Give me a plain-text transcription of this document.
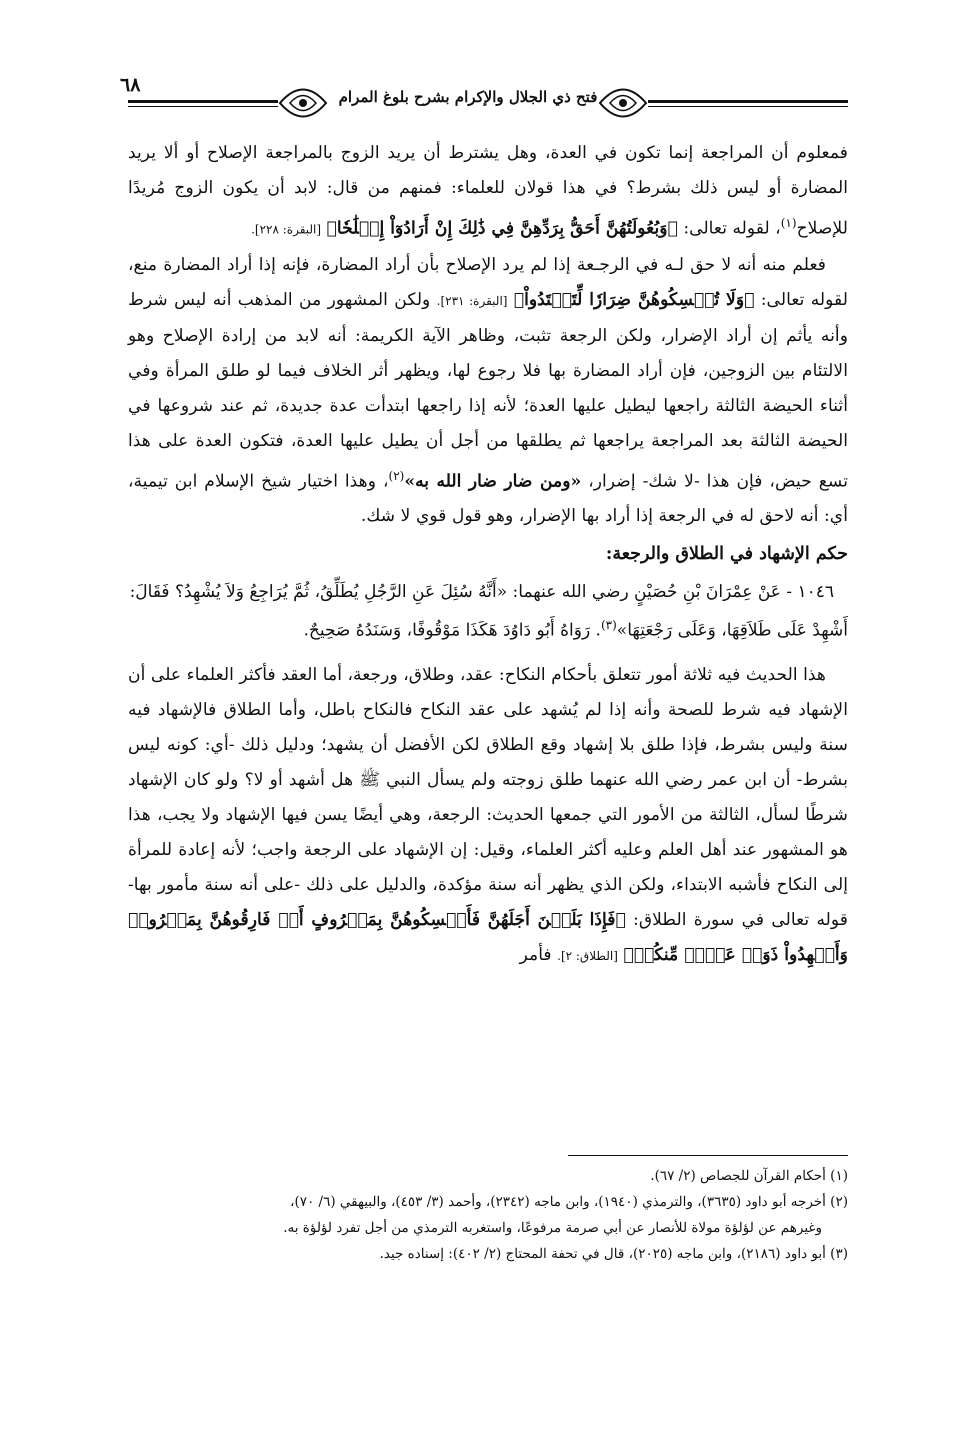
٦٨
فتح ذي الجلال والإكرام بشرح بلوغ المرام

فمعلوم أن المراجعة إنما تكون في العدة، وهل يشترط أن يريد الزوج بالمراجعة الإصلاح أو ألا يريد المضارة أو ليس ذلك بشرط؟ في هذا قولان للعلماء: فمنهم من قال: لابد أن يكون الزوج مُريدًا للإصلاح$^{(١)}$، لقوله تعالى: ﴿وَبُعُولَتُهُنَّ أَحَقُّ بِرَدِّهِنَّ فِي ذَٰلِكَ إِنْ أَرَادُوٓاْ إِصۡلَٰحٗا﴾ [البقرة: ٢٢٨].

فعلم منه أنه لا حق لـه في الرجـعة إذا لم يرد الإصلاح بأن أراد المضارة، فإنه إذا أراد المضارة منع، لقوله تعالى: ﴿وَلَا تُمۡسِكُوهُنَّ ضِرَارٗا لِّتَعۡتَدُواْ﴾ [البقرة: ٢٣١]. ولكن المشهور من المذهب أنه ليس شرط وأنه يأثم إن أراد الإضرار، ولكن الرجعة تثبت، وظاهر الآية الكريمة: أنه لابد من إرادة الإصلاح وهو الالتئام بين الزوجين، فإن أراد المضارة بها فلا رجوع لها، ويظهر أثر الخلاف فيما لو طلق المرأة وفي أثناء الحيضة الثالثة راجعها ليطيل عليها العدة؛ لأنه إذا راجعها ابتدأت عدة جديدة، ثم عند شروعها في الحيضة الثالثة بعد المراجعة يراجعها ثم يطلقها من أجل أن يطيل عليها العدة، فتكون العدة على هذا تسع حيض، فإن هذا -لا شك- إضرار، «ومن ضار ضار الله به»$^{(٢)}$، وهذا اختيار شيخ الإسلام ابن تيمية، أي: أنه لاحق له في الرجعة إذا أراد بها الإضرار، وهو قول قوي لا شك.

حكم الإشهاد في الطلاق والرجعة:

١٠٤٦ - عَنْ عِمْرَانَ بْنِ حُصَيْنٍ رضي الله عنهما: «أَنَّهُ سُئِلَ عَنِ الرَّجُلِ يُطَلِّقُ، ثُمَّ يُرَاجِعُ وَلاَ يُشْهِدُ؟ فَقَالَ: أَشْهِدْ عَلَى طَلاَقِهَا، وَعَلَى رَجْعَتِهَا»$^{(٣)}$. رَوَاهُ أَبُو دَاوُدَ هَكَذَا مَوْقُوفًا، وَسَنَدُهُ صَحِيحٌ.

هذا الحديث فيه ثلاثة أمور تتعلق بأحكام النكاح: عقد، وطلاق، ورجعة، أما العقد فأكثر العلماء على أن الإشهاد فيه شرط للصحة وأنه إذا لم يُشهد على عقد النكاح فالنكاح باطل، وأما الطلاق فالإشهاد فيه سنة وليس بشرط، فإذا طلق بلا إشهاد وقع الطلاق لكن الأفضل أن يشهد؛ ودليل ذلك -أي: كونه ليس بشرط- أن ابن عمر رضي الله عنهما طلق زوجته ولم يسأل النبي ﷺ هل أشهد أو لا؟ ولو كان الإشهاد شرطًا لسأل، الثالثة من الأمور التي جمعها الحديث: الرجعة، وهي أيضًا يسن فيها الإشهاد ولا يجب، هذا هو المشهور عند أهل العلم وعليه أكثر العلماء، وقيل: إن الإشهاد على الرجعة واجب؛ لأنه إعادة للمرأة إلى النكاح فأشبه الابتداء، ولكن الذي يظهر أنه سنة مؤكدة، والدليل على ذلك -على أنه سنة مأمور بها- قوله تعالى في سورة الطلاق: ﴿فَإِذَا بَلَغۡنَ أَجَلَهُنَّ فَأَمۡسِكُوهُنَّ بِمَعۡرُوفٍ أَوۡ فَارِقُوهُنَّ بِمَعۡرُوفٖ وَأَشۡهِدُواْ ذَوَيۡ عَدۡلٖ مِّنكُمۡ﴾ [الطلاق: ٢]. فأمر

(١) أحكام القرآن للجصاص (٢/ ٦٧).

(٢) أخرجه أبو داود (٣٦٣٥)، والترمذي (١٩٤٠)، وابن ماجه (٢٣٤٢)، وأحمد (٣/ ٤٥٣)، والبيهقي (٦/ ٧٠)،

وغيرهم عن لؤلؤة مولاة للأنصار عن أبي صرمة مرفوعًا، واستغربه الترمذي من أجل تفرد لؤلؤة به.

(٣) أبو داود (٢١٨٦)، وابن ماجه (٢٠٢٥)، قال في تحفة المحتاج (٢/ ٤٠٢): إسناده جيد.
